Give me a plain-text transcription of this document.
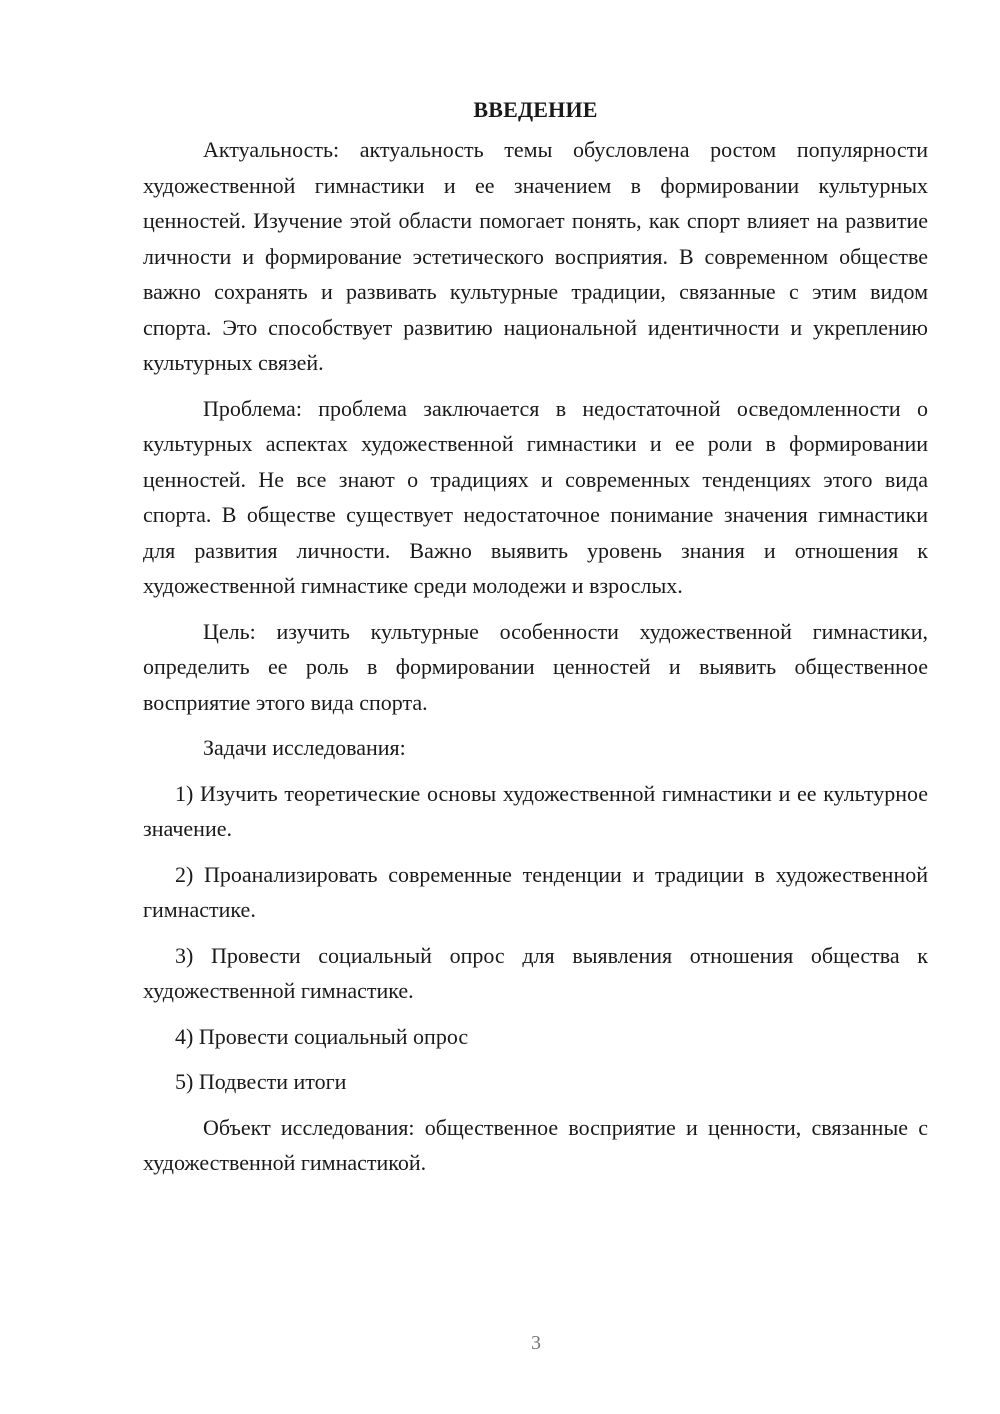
ВВЕДЕНИЕ

Актуальность: актуальность темы обусловлена ростом популярности художественной гимнастики и ее значением в формировании культурных ценностей. Изучение этой области помогает понять, как спорт влияет на развитие личности и формирование эстетического восприятия. В современном обществе важно сохранять и развивать культурные традиции, связанные с этим видом спорта. Это способствует развитию национальной идентичности и укреплению культурных связей.

Проблема: проблема заключается в недостаточной осведомленности о культурных аспектах художественной гимнастики и ее роли в формировании ценностей. Не все знают о традициях и современных тенденциях этого вида спорта. В обществе существует недостаточное понимание значения гимнастики для развития личности. Важно выявить уровень знания и отношения к художественной гимнастике среди молодежи и взрослых.

Цель: изучить культурные особенности художественной гимнастики, определить ее роль в формировании ценностей и выявить общественное восприятие этого вида спорта.

Задачи исследования:

1) Изучить теоретические основы художественной гимнастики и ее культурное значение.

2) Проанализировать современные тенденции и традиции в художественной гимнастике.

3) Провести социальный опрос для выявления отношения общества к художественной гимнастике.

4) Провести социальный опрос

5) Подвести итоги

Объект исследования: общественное восприятие и ценности, связанные с художественной гимнастикой.

3
